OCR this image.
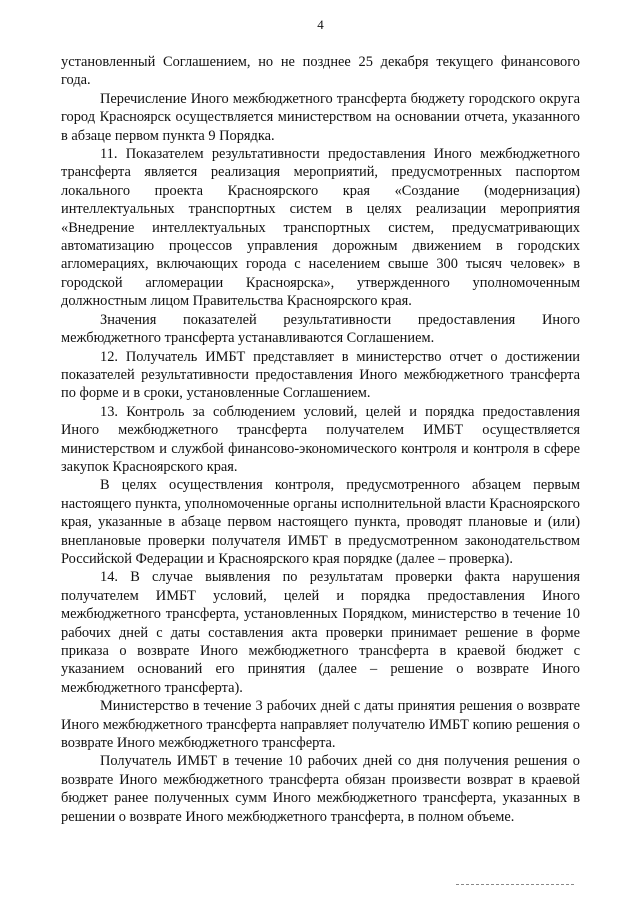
4

установленный Соглашением, но не позднее 25 декабря текущего финансового года.

Перечисление Иного межбюджетного трансферта бюджету городского округа город Красноярск осуществляется министерством на основании отчета, указанного в абзаце первом пункта 9 Порядка.

11. Показателем результативности предоставления Иного межбюджетного трансферта является реализация мероприятий, предусмотренных паспортом локального проекта Красноярского края «Создание (модернизация) интеллектуальных транспортных систем в целях реализации мероприятия «Внедрение интеллектуальных транспортных систем, предусматривающих автоматизацию процессов управления дорожным движением в городских агломерациях, включающих города с населением свыше 300 тысяч человек» в городской агломерации Красноярска», утвержденного уполномоченным должностным лицом Правительства Красноярского края.

Значения показателей результативности предоставления Иного межбюджетного трансферта устанавливаются Соглашением.

12. Получатель ИМБТ представляет в министерство отчет о достижении показателей результативности предоставления Иного межбюджетного трансферта по форме и в сроки, установленные Соглашением.

13. Контроль за соблюдением условий, целей и порядка предоставления Иного межбюджетного трансферта получателем ИМБТ осуществляется министерством и службой финансово-экономического контроля и контроля в сфере закупок Красноярского края.

В целях осуществления контроля, предусмотренного абзацем первым настоящего пункта, уполномоченные органы исполнительной власти Красноярского края, указанные в абзаце первом настоящего пункта, проводят плановые и (или) внеплановые проверки получателя ИМБТ в предусмотренном законодательством Российской Федерации и Красноярского края порядке (далее – проверка).

14. В случае выявления по результатам проверки факта нарушения получателем ИМБТ условий, целей и порядка предоставления Иного межбюджетного трансферта, установленных Порядком, министерство в течение 10 рабочих дней с даты составления акта проверки принимает решение в форме приказа о возврате Иного межбюджетного трансферта в краевой бюджет с указанием оснований его принятия (далее – решение о возврате Иного межбюджетного трансферта).

Министерство в течение 3 рабочих дней с даты принятия решения о возврате Иного межбюджетного трансферта направляет получателю ИМБТ копию решения о возврате Иного межбюджетного трансферта.

Получатель ИМБТ в течение 10 рабочих дней со дня получения решения о возврате Иного межбюджетного трансферта обязан произвести возврат в краевой бюджет ранее полученных сумм Иного межбюджетного трансферта, указанных в решении о возврате Иного межбюджетного трансферта, в полном объеме.
